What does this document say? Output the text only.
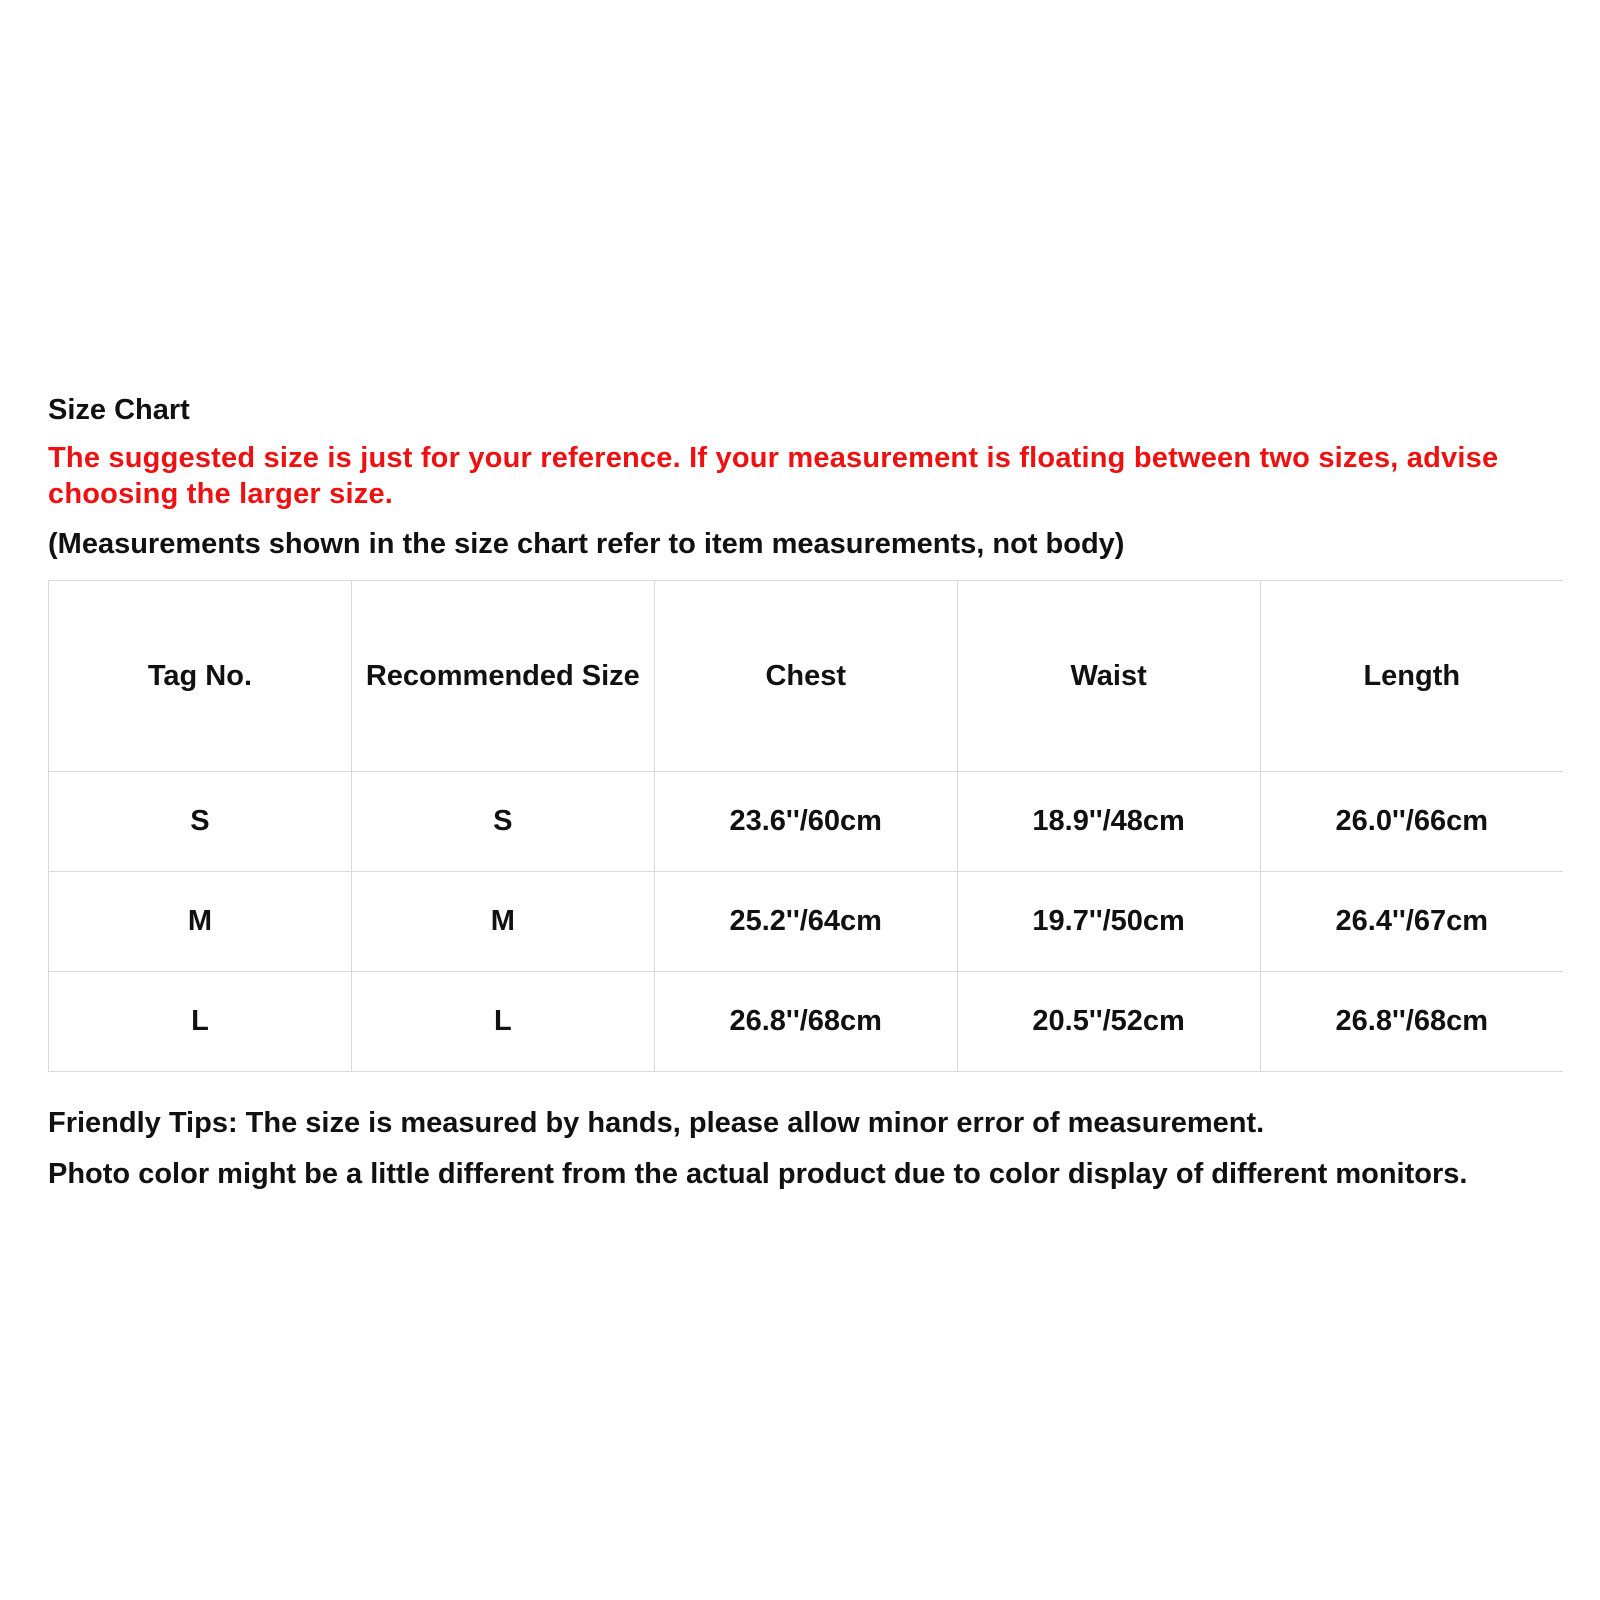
Size Chart
The suggested size is just for your reference. If your measurement is floating between two sizes, advise choosing the larger size.
(Measurements shown in the size chart refer to item measurements, not body)
Tag No.	Recommended Size	Chest	Waist	Length
S	S	23.6''/60cm	18.9''/48cm	26.0''/66cm
M	M	25.2''/64cm	19.7''/50cm	26.4''/67cm
L	L	26.8''/68cm	20.5''/52cm	26.8''/68cm
Friendly Tips: The size is measured by hands, please allow minor error of measurement.
Photo color might be a little different from the actual product due to color display of different monitors.
